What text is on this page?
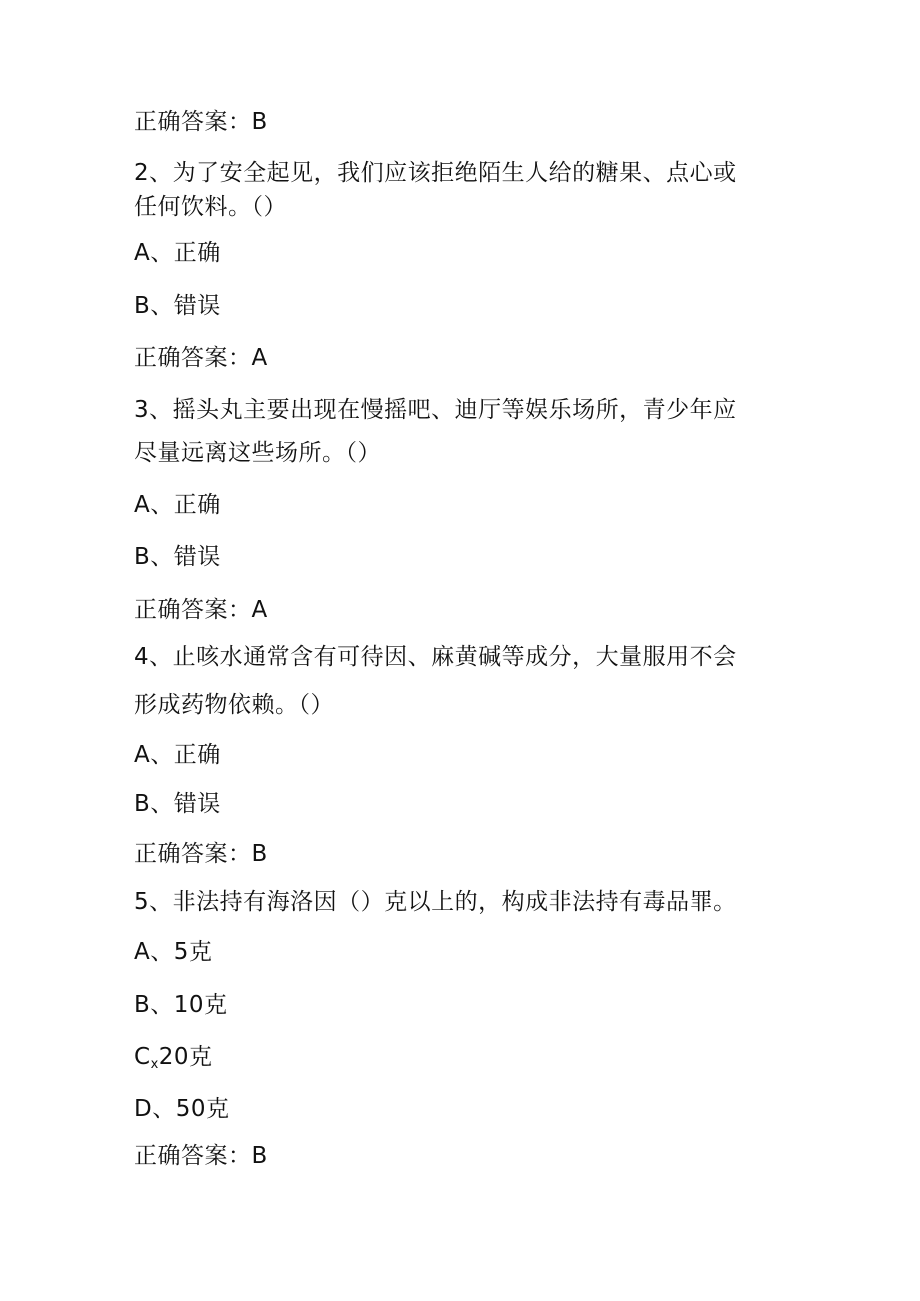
正确答案：B

2、为了安全起见，我们应该拒绝陌生人给的糖果、点心或

任何饮料。（）

A、正确

B、错误

正确答案：A

3、摇头丸主要出现在慢摇吧、迪厅等娱乐场所，青少年应

尽量远离这些场所。（）

A、正确

B、错误

正确答案：A

4、止咳水通常含有可待因、麻黄碱等成分，大量服用不会

形成药物依赖。（）

A、正确

B、错误

正确答案：B

5、非法持有海洛因（）克以上的，构成非法持有毒品罪。

A、5克

B、10克

$C_x20$克

D、50克

正确答案：B
